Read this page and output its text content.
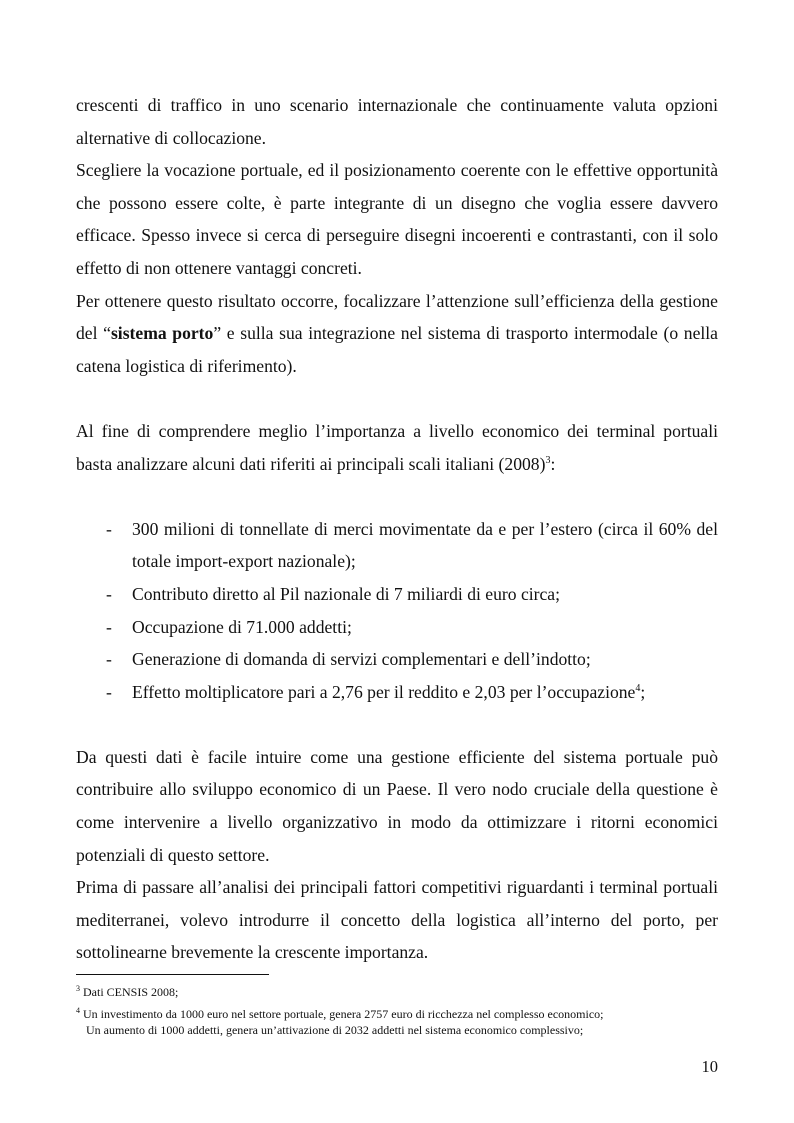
crescenti di traffico in uno scenario internazionale che continuamente valuta opzioni alternative di collocazione.

Scegliere la vocazione portuale, ed il posizionamento coerente con le effettive opportunità che possono essere colte, è parte integrante di un disegno che voglia essere davvero efficace. Spesso invece si cerca di perseguire disegni incoerenti e contrastanti, con il solo effetto di non ottenere vantaggi concreti.

Per ottenere questo risultato occorre, focalizzare l’attenzione sull’efficienza della gestione del “sistema porto” e sulla sua integrazione nel sistema di trasporto intermodale (o nella catena logistica di riferimento).

Al fine di comprendere meglio l’importanza a livello economico dei terminal portuali basta analizzare alcuni dati riferiti ai principali scali italiani $(2008)^3$:

- 300 milioni di tonnellate di merci movimentate da e per l’estero (circa il 60% del totale import-export nazionale);
- Contributo diretto al Pil nazionale di 7 miliardi di euro circa;
- Occupazione di 71.000 addetti;
- Generazione di domanda di servizi complementari e dell’indotto;
- Effetto moltiplicatore pari a 2,76 per il reddito e 2,03 per l’occupazione$^4$;

Da questi dati è facile intuire come una gestione efficiente del sistema portuale può contribuire allo sviluppo economico di un Paese. Il vero nodo cruciale della questione è come intervenire a livello organizzativo in modo da ottimizzare i ritorni economici potenziali di questo settore.

Prima di passare all’analisi dei principali fattori competitivi riguardanti i terminal portuali mediterranei, volevo introdurre il concetto della logistica all’interno del porto, per sottolinearne brevemente la crescente importanza.

$^3$ Dati CENSIS 2008;

$^4$ Un investimento da 1000 euro nel settore portuale, genera 2757 euro di ricchezza nel complesso economico;
Un aumento di 1000 addetti, genera un’attivazione di 2032 addetti nel sistema economico complessivo;

10
